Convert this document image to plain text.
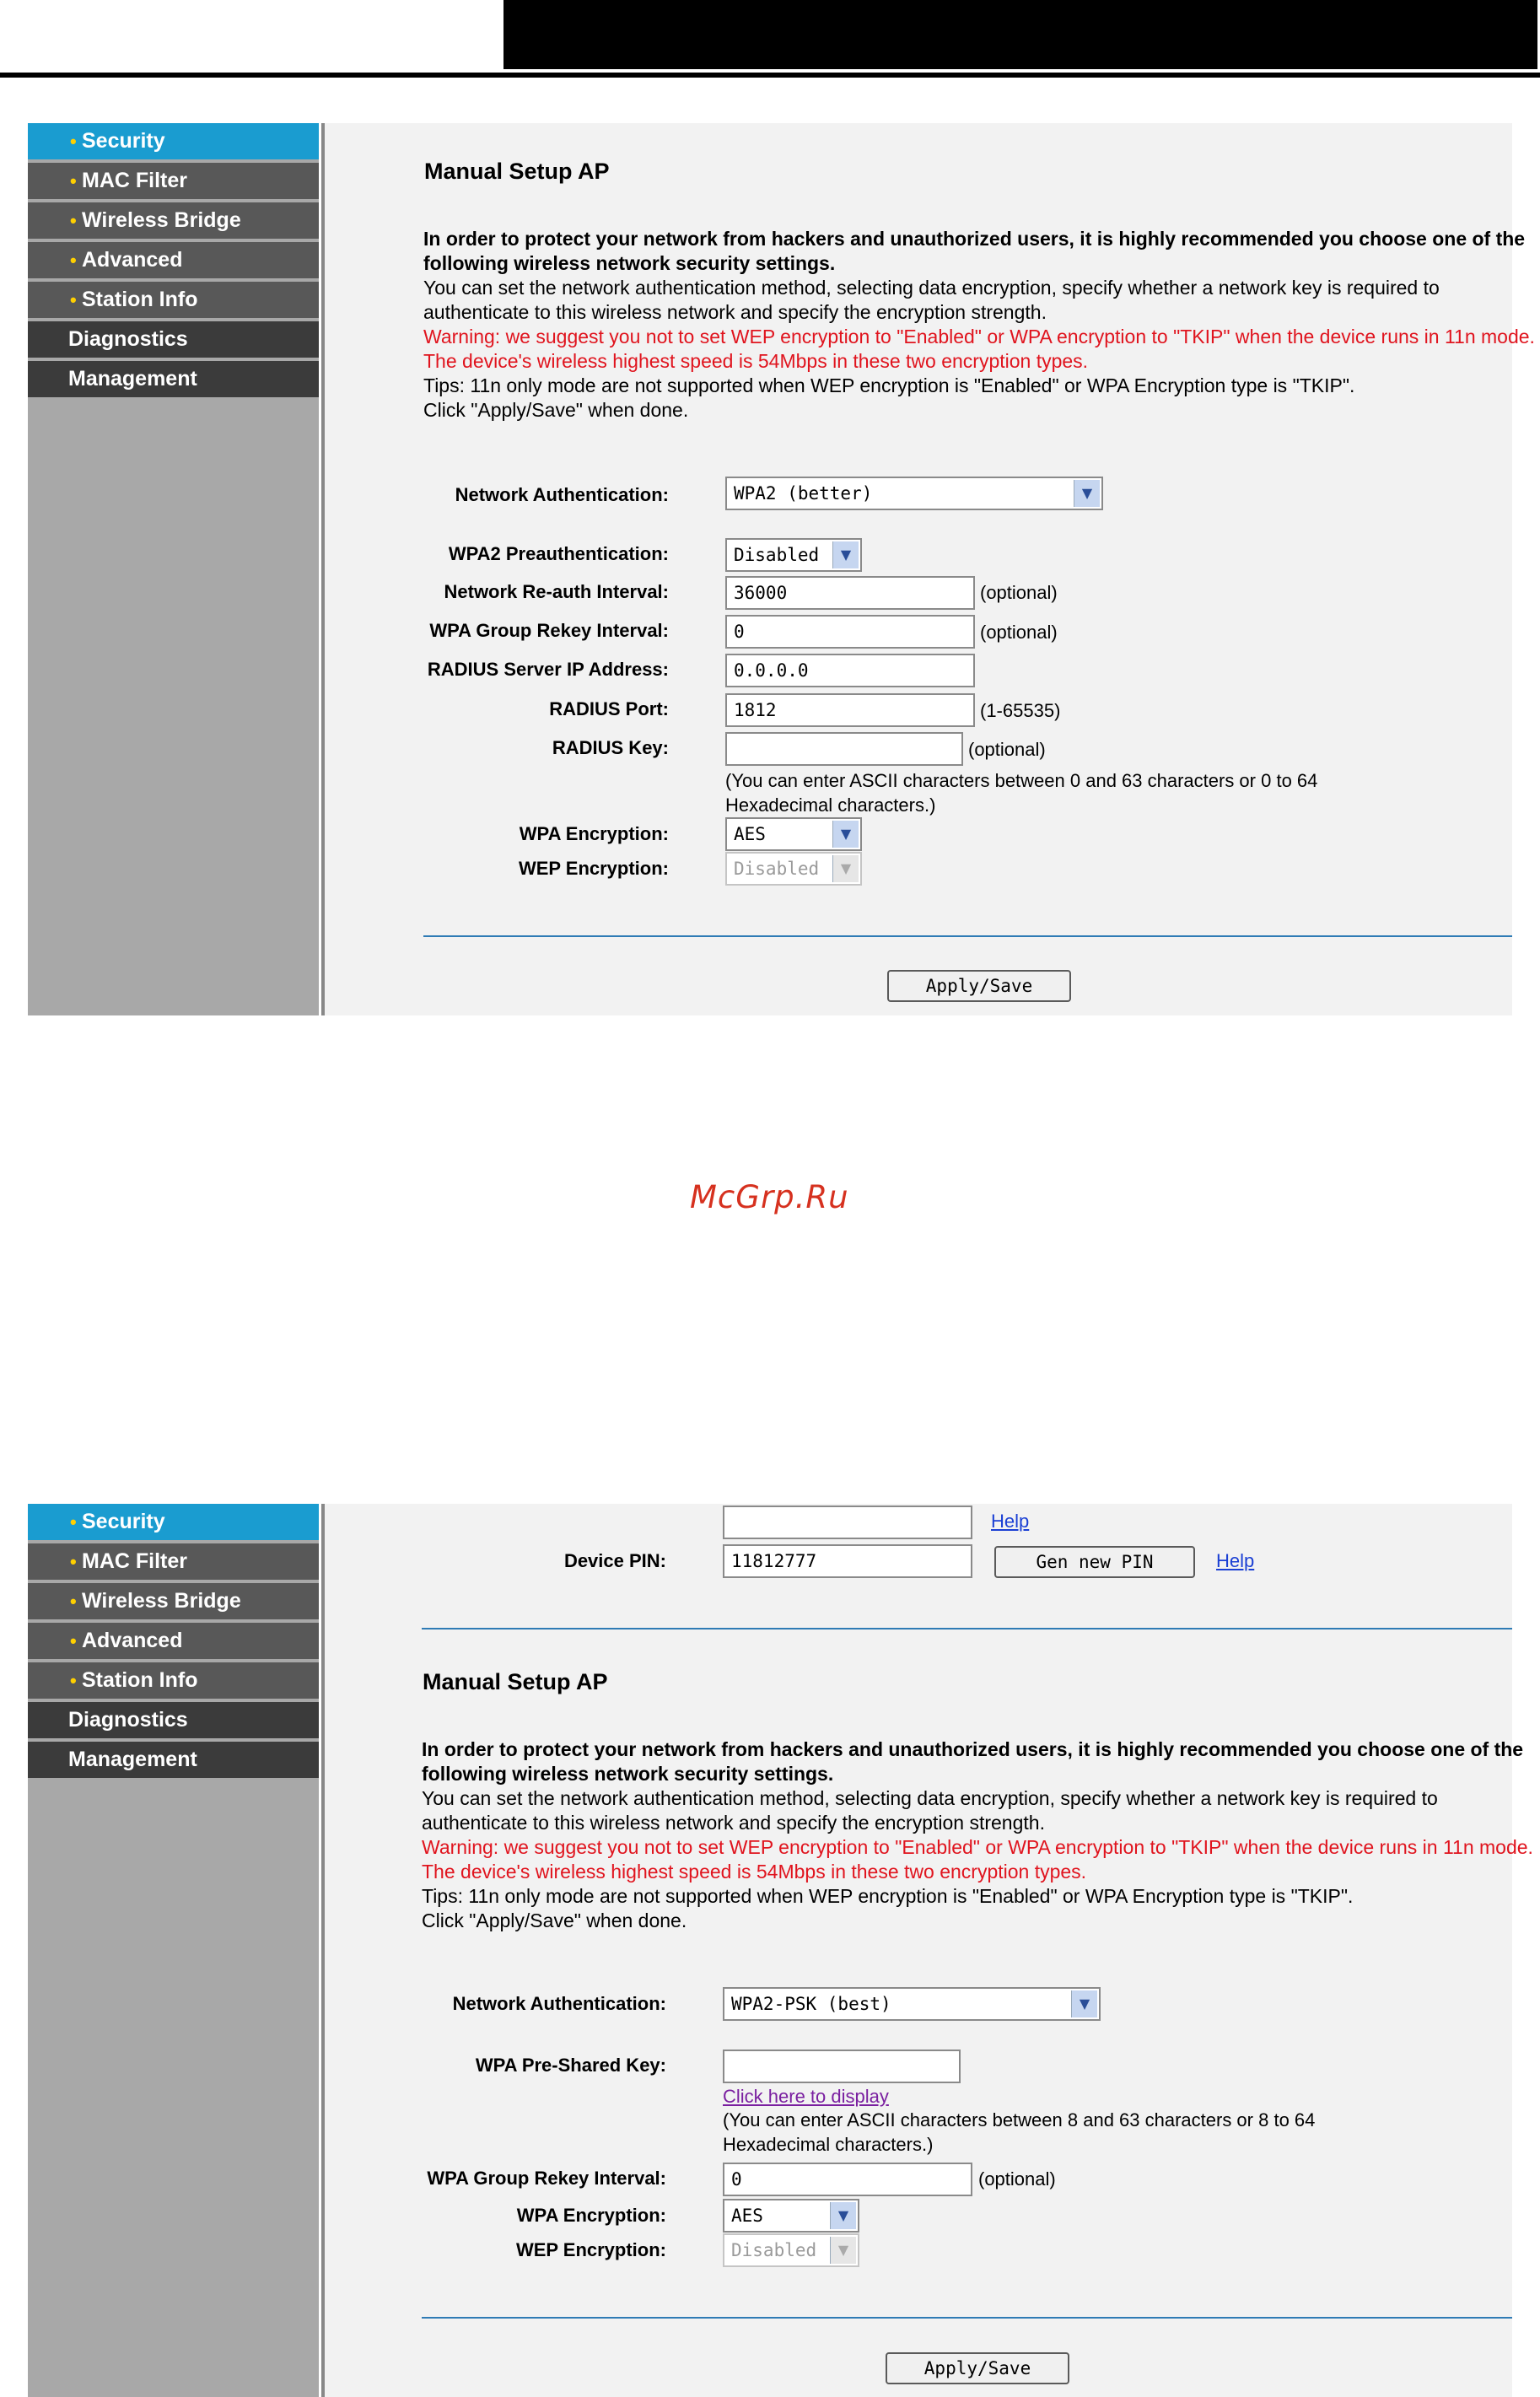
• Security
• MAC Filter
• Wireless Bridge
• Advanced
• Station Info
Diagnostics
Management
Manual Setup AP
In order to protect your network from hackers and unauthorized users, it is highly recommended you choose one of the following wireless network security settings.
You can set the network authentication method, selecting data encryption, specify whether a network key is required to authenticate to this wireless network and specify the encryption strength.
Warning: we suggest you not to set WEP encryption to "Enabled" or WPA encryption to "TKIP" when the device runs in 11n mode. The device's wireless highest speed is 54Mbps in these two encryption types.
Tips: 11n only mode are not supported when WEP encryption is "Enabled" or WPA Encryption type is "TKIP".
Click "Apply/Save" when done.
Network Authentication:	WPA2 (better)	▼
WPA2 Preauthentication:	Disabled	▼
Network Re-auth Interval:	36000	(optional)
WPA Group Rekey Interval:	0	(optional)
RADIUS Server IP Address:	0.0.0.0
RADIUS Port:	1812	(1-65535)
RADIUS Key:	(optional)
(You can enter ASCII characters between 0 and 63 characters or 0 to 64 Hexadecimal characters.)
WPA Encryption:	AES	▼
WEP Encryption:	Disabled	▼
Apply/Save
McGrp.Ru
• Security
• MAC Filter
• Wireless Bridge
• Advanced
• Station Info
Diagnostics
Management
Help
Device PIN:	11812777	Gen new PIN	Help
Manual Setup AP
In order to protect your network from hackers and unauthorized users, it is highly recommended you choose one of the following wireless network security settings.
You can set the network authentication method, selecting data encryption, specify whether a network key is required to authenticate to this wireless network and specify the encryption strength.
Warning: we suggest you not to set WEP encryption to "Enabled" or WPA encryption to "TKIP" when the device runs in 11n mode. The device's wireless highest speed is 54Mbps in these two encryption types.
Tips: 11n only mode are not supported when WEP encryption is "Enabled" or WPA Encryption type is "TKIP".
Click "Apply/Save" when done.
Network Authentication:	WPA2-PSK (best)	▼
WPA Pre-Shared Key:
Click here to display
(You can enter ASCII characters between 8 and 63 characters or 8 to 64 Hexadecimal characters.)
WPA Group Rekey Interval:	0	(optional)
WPA Encryption:	AES	▼
WEP Encryption:	Disabled	▼
Apply/Save
